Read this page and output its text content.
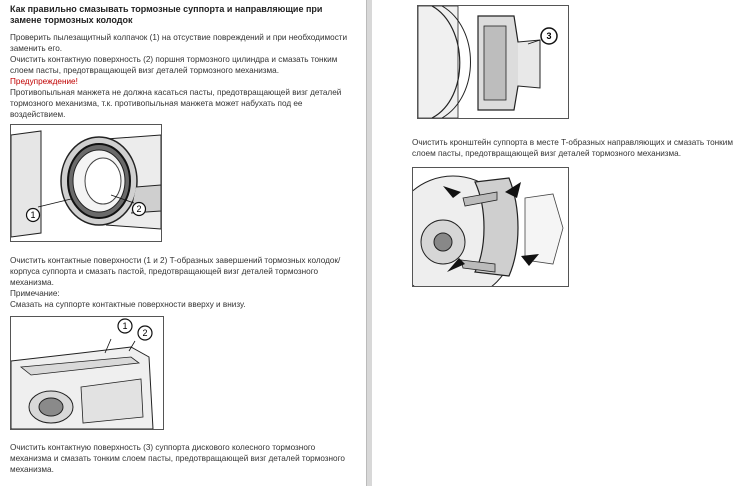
Как правильно смазывать тормозные суппорта и направляющие при замене тормозных колодок
Проверить пылезащитный колпачок (1) на отсуствие повреждений и при необходимости заменить его.
Очистить контактную поверхность (2) поршня тормозного цилиндра и смазать тонким слоем пасты, предотвращающей визг деталей тормозного механизма.
Предупреждение!
Противопыльная манжета не должна касаться пасты, предотвращающей визг деталей тормозного механизма, т.к. противопыльная манжета может набухать под ее воздействием.
1
2
Очистить контактные поверхности (1 и 2) T-образных завершений тормозных колодок/корпуса суппорта и смазать пастой, предотвращающей визг деталей тормозного механизма.
Примечание:
Смазать на суппорте контактные поверхности вверху и внизу.
1
2
Очистить контактную поверхность (3) суппорта дискового колесного тормозного механизма и смазать тонким слоем пасты, предотвращающей визг деталей тормозного механизма.
3
Очистить кронштейн суппорта в месте T-образных направляющих и смазать тонким слоем пасты, предотвращающей визг деталей тормозного механизма.
